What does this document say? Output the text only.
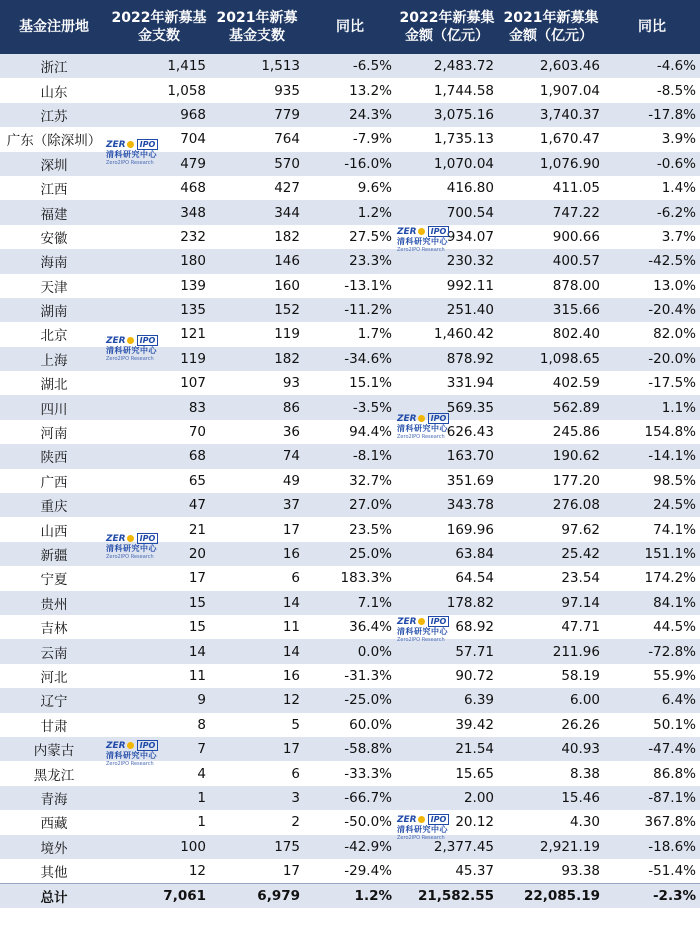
基金注册地	2022年新募基金支数	2021年新募基金支数	同比	2022年新募集金额（亿元）	2021年新募集金额（亿元）	同比
浙江	1,415	1,513	-6.5%	2,483.72	2,603.46	-4.6%
山东	1,058	935	13.2%	1,744.58	1,907.04	-8.5%
江苏	968	779	24.3%	3,075.16	3,740.37	-17.8%
广东（除深圳）	704	764	-7.9%	1,735.13	1,670.47	3.9%
深圳	479	570	-16.0%	1,070.04	1,076.90	-0.6%
江西	468	427	9.6%	416.80	411.05	1.4%
福建	348	344	1.2%	700.54	747.22	-6.2%
安徽	232	182	27.5%	934.07	900.66	3.7%
海南	180	146	23.3%	230.32	400.57	-42.5%
天津	139	160	-13.1%	992.11	878.00	13.0%
湖南	135	152	-11.2%	251.40	315.66	-20.4%
北京	121	119	1.7%	1,460.42	802.40	82.0%
上海	119	182	-34.6%	878.92	1,098.65	-20.0%
湖北	107	93	15.1%	331.94	402.59	-17.5%
四川	83	86	-3.5%	569.35	562.89	1.1%
河南	70	36	94.4%	626.43	245.86	154.8%
陕西	68	74	-8.1%	163.70	190.62	-14.1%
广西	65	49	32.7%	351.69	177.20	98.5%
重庆	47	37	27.0%	343.78	276.08	24.5%
山西	21	17	23.5%	169.96	97.62	74.1%
新疆	20	16	25.0%	63.84	25.42	151.1%
宁夏	17	6	183.3%	64.54	23.54	174.2%
贵州	15	14	7.1%	178.82	97.14	84.1%
吉林	15	11	36.4%	68.92	47.71	44.5%
云南	14	14	0.0%	57.71	211.96	-72.8%
河北	11	16	-31.3%	90.72	58.19	55.9%
辽宁	9	12	-25.0%	6.39	6.00	6.4%
甘肃	8	5	60.0%	39.42	26.26	50.1%
内蒙古	7	17	-58.8%	21.54	40.93	-47.4%
黑龙江	4	6	-33.3%	15.65	8.38	86.8%
青海	1	3	-66.7%	2.00	15.46	-87.1%
西藏	1	2	-50.0%	20.12	4.30	367.8%
境外	100	175	-42.9%	2,377.45	2,921.19	-18.6%
其他	12	17	-29.4%	45.37	93.38	-51.4%
总计	7,061	6,979	1.2%	21,582.55	22,085.19	-2.3%
ZER	IPO
清科研究中心
Zero2IPO Research
ZER	IPO
清科研究中心
Zero2IPO Research
ZER	IPO
清科研究中心
Zero2IPO Research
ZER	IPO
清科研究中心
Zero2IPO Research
ZER	IPO
清科研究中心
Zero2IPO Research
ZER	IPO
清科研究中心
Zero2IPO Research
ZER	IPO
清科研究中心
Zero2IPO Research
ZER	IPO
清科研究中心
Zero2IPO Research
